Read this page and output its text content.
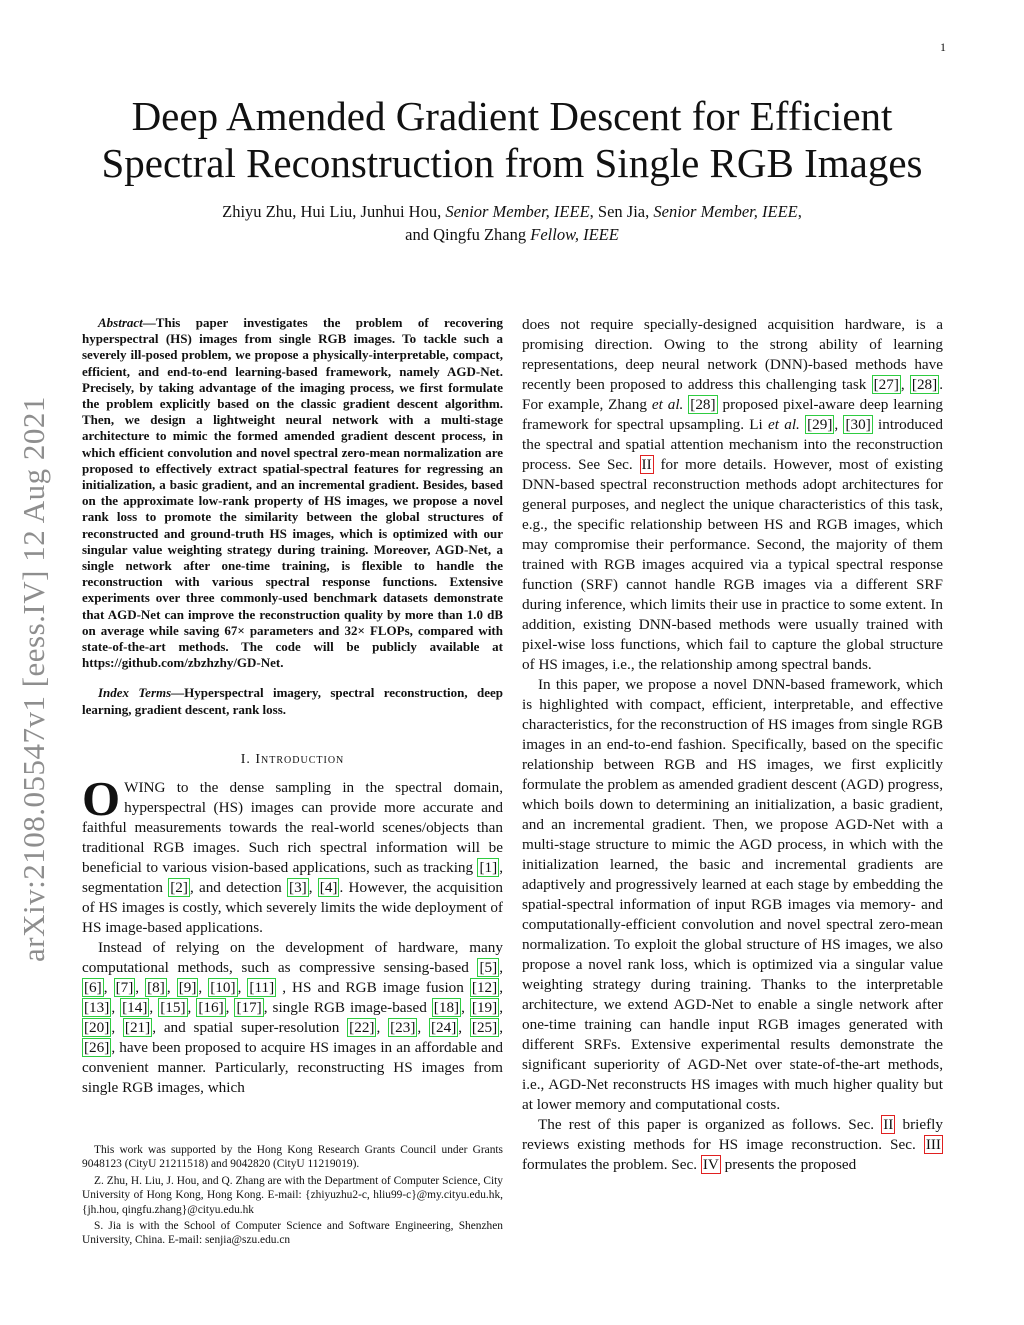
1
arXiv:2108.05547v1 [eess.IV] 12 Aug 2021
Deep Amended Gradient Descent for Efficient
Spectral Reconstruction from Single RGB Images
Zhiyu Zhu, Hui Liu, Junhui Hou, Senior Member, IEEE, Sen Jia, Senior Member, IEEE,
and Qingfu Zhang Fellow, IEEE

Abstract—This paper investigates the problem of recovering hyperspectral (HS) images from single RGB images. To tackle such a severely ill-posed problem, we propose a physically-interpretable, compact, efficient, and end-to-end learning-based framework, namely AGD-Net. Precisely, by taking advantage of the imaging process, we first formulate the problem explicitly based on the classic gradient descent algorithm. Then, we design a lightweight neural network with a multi-stage architecture to mimic the formed amended gradient descent process, in which efficient convolution and novel spectral zero-mean normalization are proposed to effectively extract spatial-spectral features for regressing an initialization, a basic gradient, and an incremental gradient. Besides, based on the approximate low-rank property of HS images, we propose a novel rank loss to promote the similarity between the global structures of reconstructed and ground-truth HS images, which is optimized with our singular value weighting strategy during training. Moreover, AGD-Net, a single network after one-time training, is flexible to handle the reconstruction with various spectral response functions. Extensive experiments over three commonly-used benchmark datasets demonstrate that AGD-Net can improve the reconstruction quality by more than 1.0 dB on average while saving 67× parameters and 32× FLOPs, compared with state-of-the-art methods. The code will be publicly available at https://github.com/zbzhzhy/GD-Net.

Index Terms—Hyperspectral imagery, spectral reconstruction, deep learning, gradient descent, rank loss.

I. Introduction

OWING to the dense sampling in the spectral domain, hyperspectral (HS) images can provide more accurate and faithful measurements towards the real-world scenes/objects than traditional RGB images. Such rich spectral information will be beneficial to various vision-based applications, such as tracking [1] , segmentation [2] , and detection [3] , [4] . However, the acquisition of HS images is costly, which severely limits the wide deployment of HS image-based applications.

Instead of relying on the development of hardware, many computational methods, such as compressive sensing-based [5] , [6] , [7] , [8] , [9] , [10] , [11] , HS and RGB image fusion [12] , [13] , [14] , [15] , [16] , [17] , single RGB image-based [18] , [19] , [20] , [21] , and spatial super-resolution [22] , [23] , [24] , [25] , [26] , have been proposed to acquire HS images in an affordable and convenient manner. Particularly, reconstructing HS images from single RGB images, which

This work was supported by the Hong Kong Research Grants Council under Grants 9048123 (CityU 21211518) and 9042820 (CityU 11219019).

Z. Zhu, H. Liu, J. Hou, and Q. Zhang are with the Department of Computer Science, City University of Hong Kong, Hong Kong. E-mail: {zhiyuzhu2-c, hliu99-c}@my.cityu.edu.hk, {jh.hou, qingfu.zhang}@cityu.edu.hk

S. Jia is with the School of Computer Science and Software Engineering, Shenzhen University, China. E-mail: senjia@szu.edu.cn

does not require specially-designed acquisition hardware, is a promising direction. Owing to the strong ability of learning representations, deep neural network (DNN)-based methods have recently been proposed to address this challenging task [27] , [28] . For example, Zhang et al. [28] proposed pixel-aware deep learning framework for spectral upsampling. Li et al. [29] , [30] introduced the spectral and spatial attention mechanism into the reconstruction process. See Sec. II for more details. However, most of existing DNN-based spectral reconstruction methods adopt architectures for general purposes, and neglect the unique characteristics of this task, e.g., the specific relationship between HS and RGB images, which may compromise their performance. Second, the majority of them trained with RGB images acquired via a typical spectral response function (SRF) cannot handle RGB images via a different SRF during inference, which limits their use in practice to some extent. In addition, existing DNN-based methods were usually trained with pixel-wise loss functions, which fail to capture the global structure of HS images, i.e., the relationship among spectral bands.

In this paper, we propose a novel DNN-based framework, which is highlighted with compact, efficient, interpretable, and effective characteristics, for the reconstruction of HS images from single RGB images in an end-to-end fashion. Specifically, based on the specific relationship between RGB and HS images, we first explicitly formulate the problem as amended gradient descent (AGD) progress, which boils down to determining an initialization, a basic gradient, and an incremental gradient. Then, we propose AGD-Net with a multi-stage structure to mimic the AGD process, in which with the initialization learned, the basic and incremental gradients are adaptively and progressively learned at each stage by embedding the spatial-spectral information of input RGB images via memory- and computationally-efficient convolution and novel spectral zero-mean normalization. To exploit the global structure of HS images, we also propose a novel rank loss, which is optimized via a singular value weighting strategy during training. Thanks to the interpretable architecture, we extend AGD-Net to enable a single network after one-time training can handle input RGB images generated with different SRFs. Extensive experimental results demonstrate the significant superiority of AGD-Net over state-of-the-art methods, i.e., AGD-Net reconstructs HS images with much higher quality but at lower memory and computational costs.

The rest of this paper is organized as follows. Sec. II briefly reviews existing methods for HS image reconstruction. Sec. III formulates the problem. Sec. IV presents the proposed
